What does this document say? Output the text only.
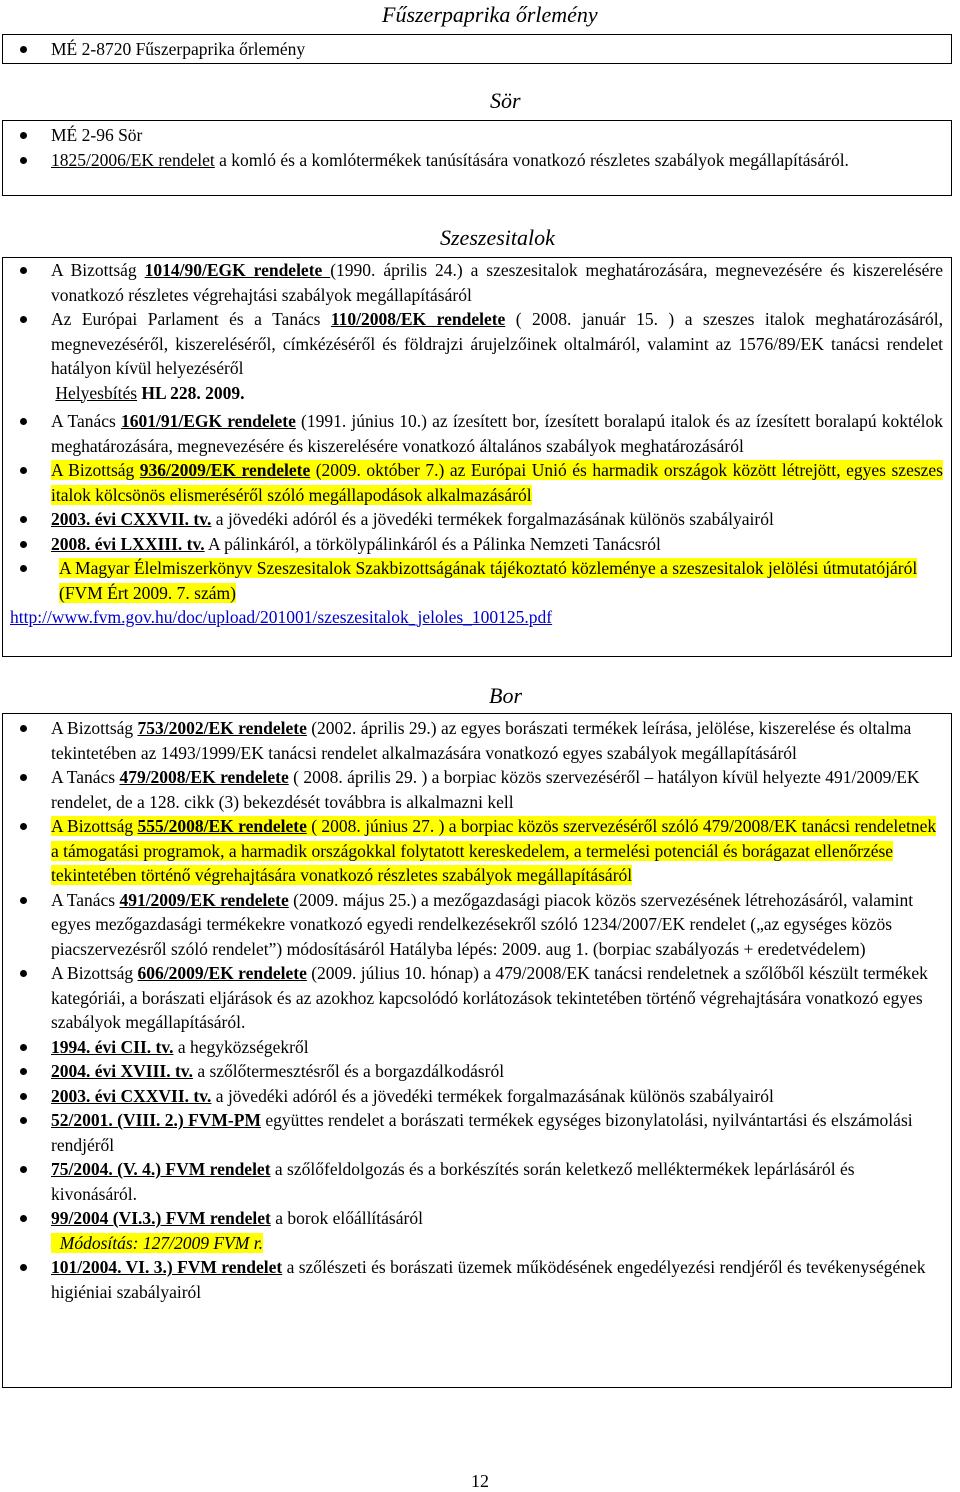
Fűszerpaprika őrlemény
MÉ 2-8720 Fűszerpaprika őrlemény
Sör
MÉ 2-96 Sör
1825/2006/EK rendelet a komló és a komlótermékek tanúsítására vonatkozó részletes szabályok megállapításáról.
Szeszesitalok
A Bizottság 1014/90/EGK rendelete (1990. április 24.) a szeszesitalok meghatározására, megnevezésére és kiszerelésére vonatkozó részletes végrehajtási szabályok megállapításáról
Az Európai Parlament és a Tanács 110/2008/EK rendelete ( 2008. január 15. ) a szeszes italok meghatározásáról, megnevezéséről, kiszereléséről, címkézéséről és földrajzi árujelzőinek oltalmáról, valamint az 1576/89/EK tanácsi rendelet hatályon kívül helyezéséről
Helyesbítés HL 228. 2009.
A Tanács 1601/91/EGK rendelete (1991. június 10.) az ízesített bor, ízesített boralapú italok és az ízesített boralapú koktélok meghatározására, megnevezésére és kiszerelésére vonatkozó általános szabályok meghatározásáról
A Bizottság 936/2009/EK rendelete (2009. október 7.) az Európai Unió és harmadik országok között létrejött, egyes szeszes italok kölcsönös elismeréséről szóló megállapodások alkalmazásáról
2003. évi CXXVII. tv. a jövedéki adóról és a jövedéki termékek forgalmazásának különös szabályairól
2008. évi LXXIII. tv. A pálinkáról, a törkölypálinkáról és a Pálinka Nemzeti Tanácsról
A Magyar Élelmiszerkönyv Szeszesitalok Szakbizottságának tájékoztató közleménye a szeszesitalok jelölési útmutatójáról (FVM Ért 2009. 7. szám)
http://www.fvm.gov.hu/doc/upload/201001/szeszesitalok_jeloles_100125.pdf
Bor
A Bizottság 753/2002/EK rendelete (2002. április 29.) az egyes borászati termékek leírása, jelölése, kiszerelése és oltalma tekintetében az 1493/1999/EK tanácsi rendelet alkalmazására vonatkozó egyes szabályok megállapításáról
A Tanács 479/2008/EK rendelete ( 2008. április 29. ) a borpiac közös szervezéséről – hatályon kívül helyezte 491/2009/EK rendelet, de a 128. cikk (3) bekezdését továbbra is alkalmazni kell
A Bizottság 555/2008/EK rendelete ( 2008. június 27. ) a borpiac közös szervezéséről szóló 479/2008/EK tanácsi rendeletnek a támogatási programok, a harmadik országokkal folytatott kereskedelem, a termelési potenciál és borágazat ellenőrzése tekintetében történő végrehajtására vonatkozó részletes szabályok megállapításáról
A Tanács 491/2009/EK rendelete (2009. május 25.) a mezőgazdasági piacok közös szervezésének létrehozásáról, valamint egyes mezőgazdasági termékekre vonatkozó egyedi rendelkezésekről szóló 1234/2007/EK rendelet („az egységes közös piacszervezésről szóló rendelet”) módosításáról Hatályba lépés: 2009. aug 1. (borpiac szabályozás + eredetvédelem)
A Bizottság 606/2009/EK rendelete (2009. július 10. hónap) a 479/2008/EK tanácsi rendeletnek a szőlőből készült termékek kategóriái, a borászati eljárások és az azokhoz kapcsolódó korlátozások tekintetében történő végrehajtására vonatkozó egyes szabályok megállapításáról.
1994. évi CII. tv. a hegyközségekről
2004. évi XVIII. tv. a szőlőtermesztésről és a borgazdálkodásról
2003. évi CXXVII. tv. a jövedéki adóról és a jövedéki termékek forgalmazásának különös szabályairól
52/2001. (VIII. 2.) FVM-PM együttes rendelet a borászati termékek egységes bizonylatolási, nyilvántartási és elszámolási rendjéről
75/2004. (V. 4.) FVM rendelet a szőlőfeldolgozás és a borkészítés során keletkező melléktermékek lepárlásáról és kivonásáról.
99/2004 (VI.3.) FVM rendelet a borok előállításáról
Módosítás: 127/2009 FVM r.
101/2004. VI. 3.) FVM rendelet a szőlészeti és borászati üzemek működésének engedélyezési rendjéről és tevékenységének higiéniai szabályairól
12
